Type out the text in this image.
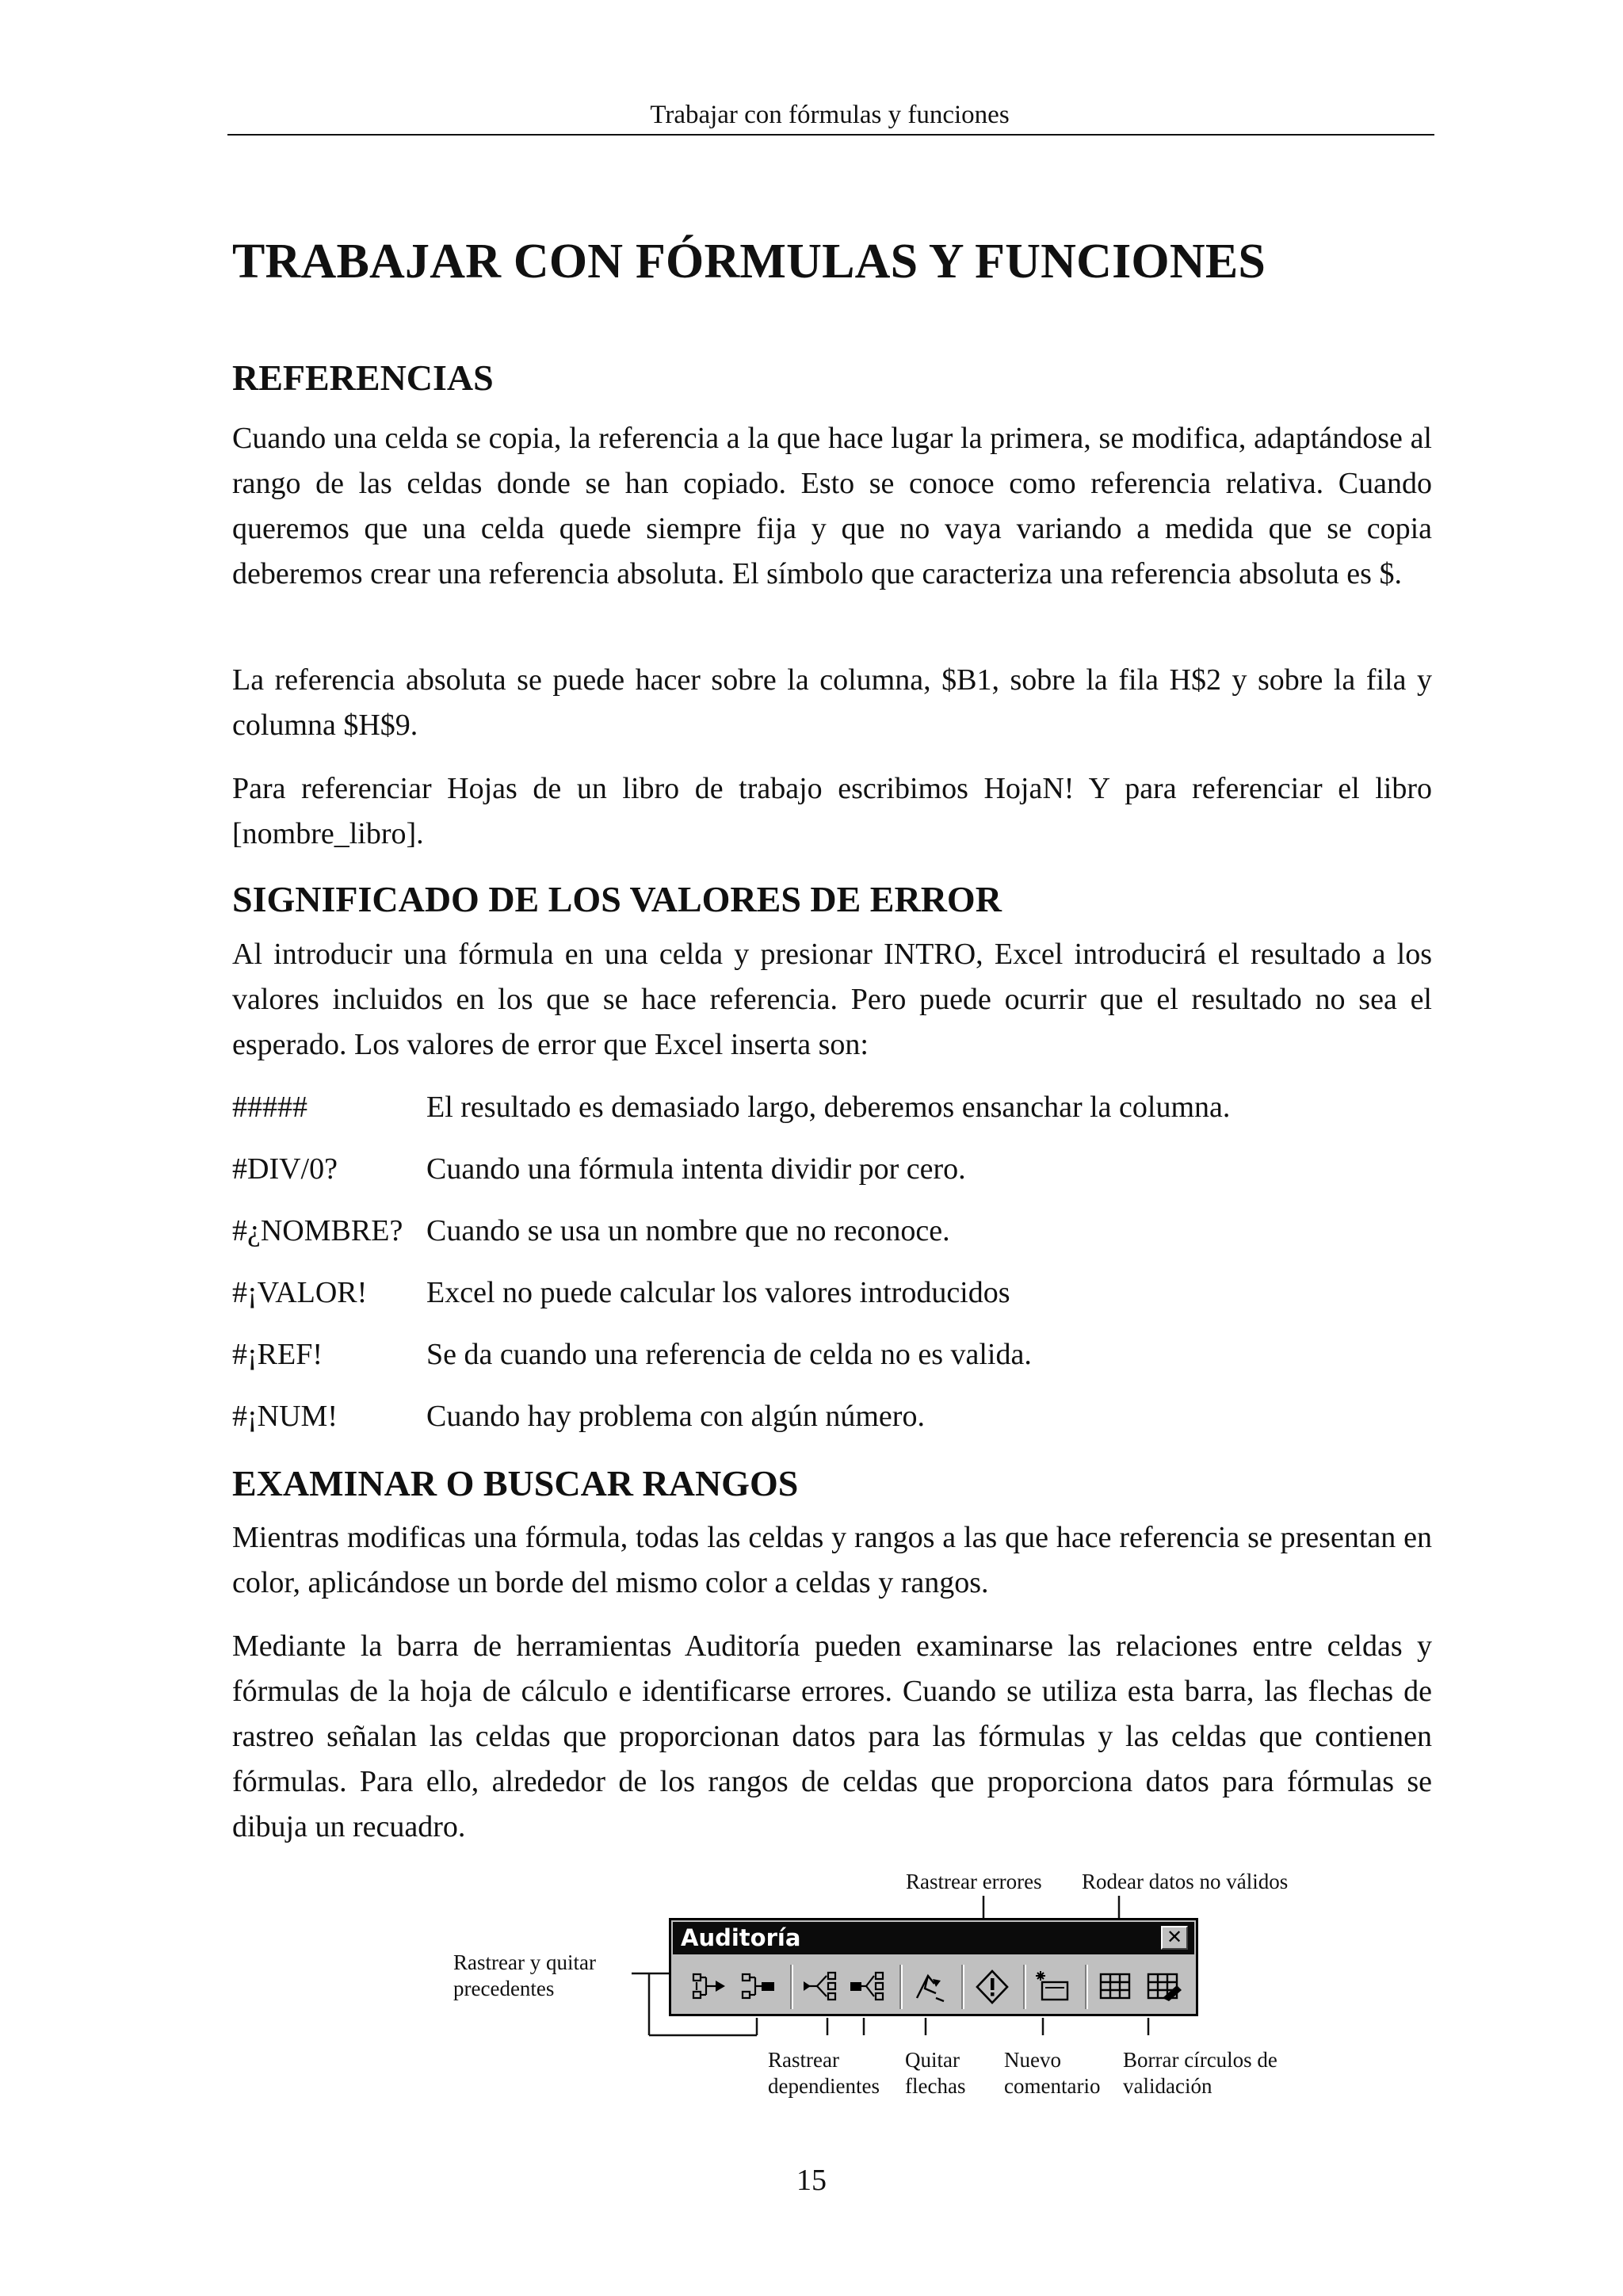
Trabajar con fórmulas y funciones
TRABAJAR CON FÓRMULAS Y FUNCIONES
REFERENCIAS

Cuando una celda se copia, la referencia a la que hace lugar la primera, se modifica, adaptándose al rango de las celdas donde se han copiado. Esto se conoce como referencia relativa. Cuando queremos que una celda quede siempre fija y que no vaya variando a medida que se copia deberemos crear una referencia absoluta. El símbolo que caracteriza una referencia absoluta es $.

La referencia absoluta se puede hacer sobre la columna, $B1, sobre la fila H$2 y sobre la fila y columna $H$9.

Para referenciar Hojas de un libro de trabajo escribimos HojaN! Y para referenciar el libro [nombre_libro].

SIGNIFICADO DE LOS VALORES DE ERROR

Al introducir una fórmula en una celda y presionar INTRO, Excel introducirá el resultado a los valores incluidos en los que se hace referencia. Pero puede ocurrir que el resultado no sea el esperado. Los valores de error que Excel inserta son:

#####	El resultado es demasiado largo, deberemos ensanchar la columna.
#DIV/0?	Cuando una fórmula intenta dividir por cero.
#¿NOMBRE? Cuando se usa un nombre que no reconoce.
#¡VALOR! Excel no puede calcular los valores introducidos
#¡REF!	Se da cuando una referencia de celda no es valida.
#¡NUM!	Cuando hay problema con algún número.
EXAMINAR O BUSCAR RANGOS

Mientras modificas una fórmula, todas las celdas y rangos a las que hace referencia se presentan en color, aplicándose un borde del mismo color a celdas y rangos.

Mediante la barra de herramientas Auditoría pueden examinarse las relaciones entre celdas y fórmulas de la hoja de cálculo e identificarse errores. Cuando se utiliza esta barra, las flechas de rastreo señalan las celdas que proporcionan datos para las fórmulas y las celdas que contienen fórmulas. Para ello, alrededor de los rangos de celdas que proporciona datos para fórmulas se dibuja un recuadro.

Rastrear errores Rodear datos no válidos
Rastrear y quitar
precedentes
Rastrear
dependientes
Quitar
flechas
Nuevo
comentario
Borrar círculos de
validación
Auditoría	✕
15
